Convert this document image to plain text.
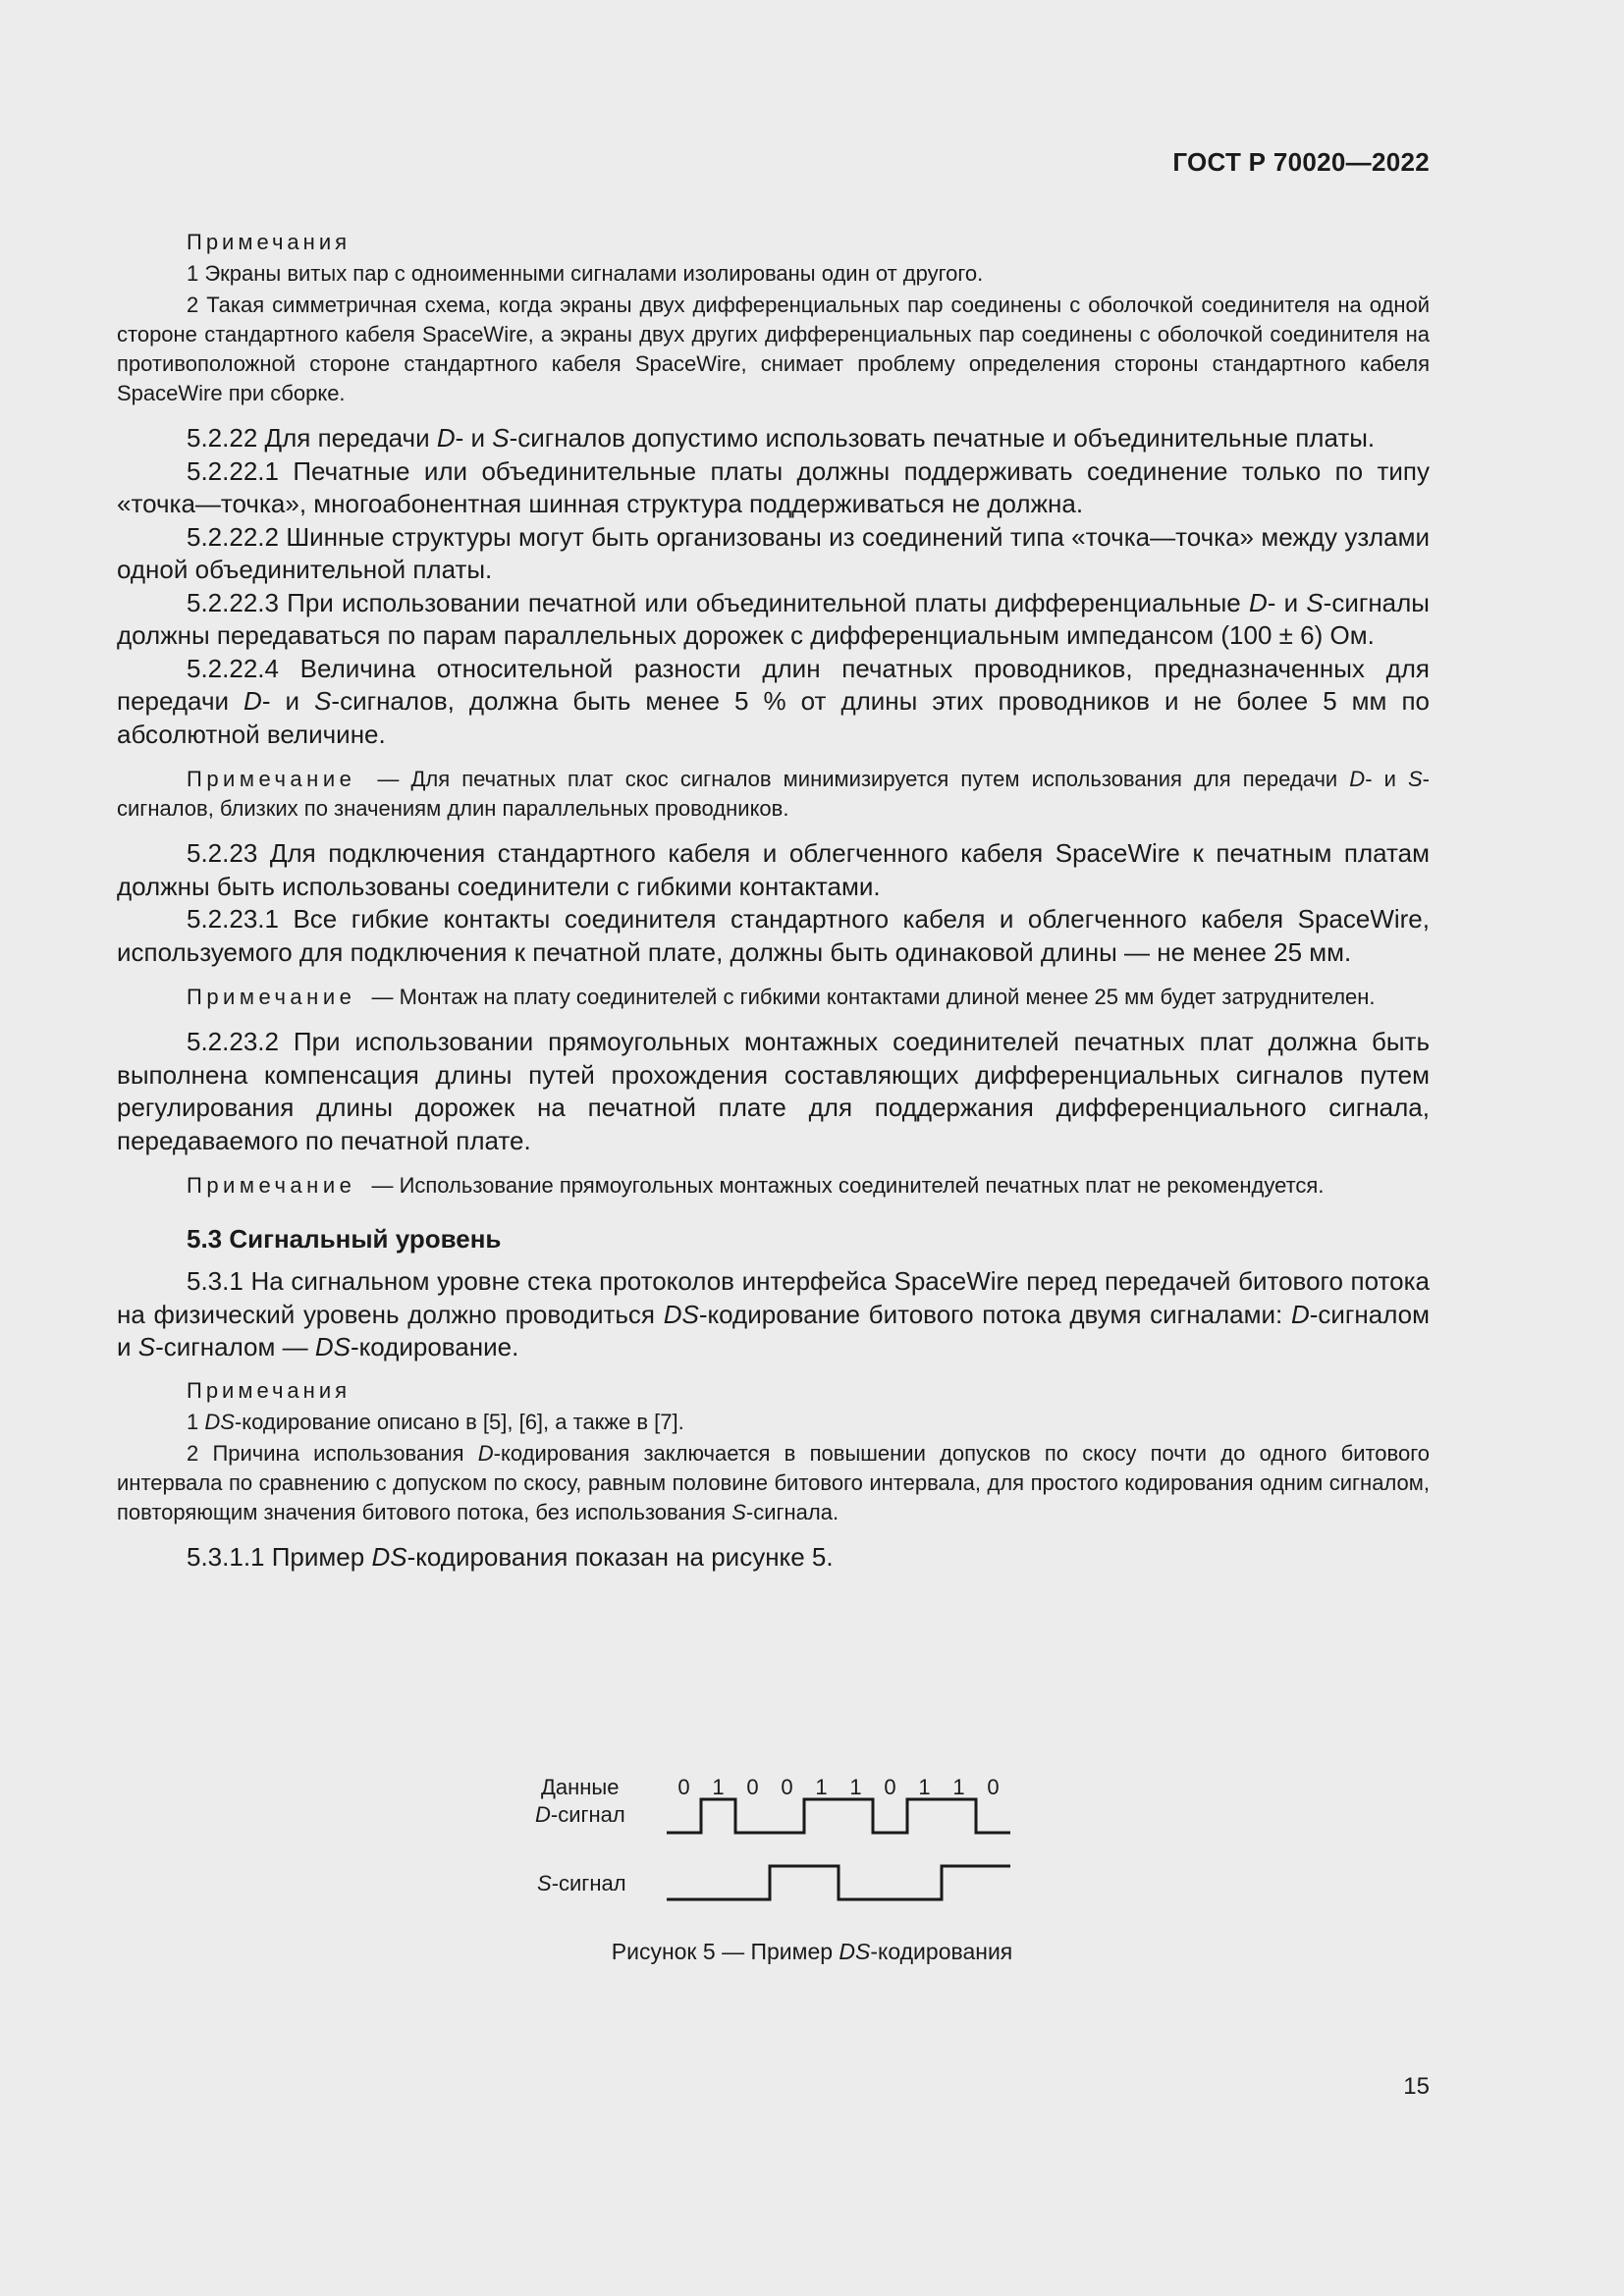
ГОСТ Р 70020—2022

Примечания

1 Экраны витых пар с одноименными сигналами изолированы один от другого.

2 Такая симметричная схема, когда экраны двух дифференциальных пар соединены с оболочкой соединителя на одной стороне стандартного кабеля SpaceWire, а экраны двух других дифференциальных пар соединены с оболочкой соединителя на противоположной стороне стандартного кабеля SpaceWire, снимает проблему определения стороны стандартного кабеля SpaceWire при сборке.

5.2.22 Для передачи D- и S-сигналов допустимо использовать печатные и объединительные платы.

5.2.22.1 Печатные или объединительные платы должны поддерживать соединение только по типу «точка—точка», многоабонентная шинная структура поддерживаться не должна.

5.2.22.2 Шинные структуры могут быть организованы из соединений типа «точка—точка» между узлами одной объединительной платы.

5.2.22.3 При использовании печатной или объединительной платы дифференциальные D- и S-сигналы должны передаваться по парам параллельных дорожек с дифференциальным импедансом (100 ± 6) Ом.

5.2.22.4 Величина относительной разности длин печатных проводников, предназначенных для передачи D- и S-сигналов, должна быть менее 5 % от длины этих проводников и не более 5 мм по абсолютной величине.

Примечание — Для печатных плат скос сигналов минимизируется путем использования для передачи D- и S-сигналов, близких по значениям длин параллельных проводников.

5.2.23 Для подключения стандартного кабеля и облегченного кабеля SpaceWire к печатным платам должны быть использованы соединители с гибкими контактами.

5.2.23.1 Все гибкие контакты соединителя стандартного кабеля и облегченного кабеля SpaceWire, используемого для подключения к печатной плате, должны быть одинаковой длины — не менее 25 мм.

Примечание — Монтаж на плату соединителей с гибкими контактами длиной менее 25 мм будет затруднителен.

5.2.23.2 При использовании прямоугольных монтажных соединителей печатных плат должна быть выполнена компенсация длины путей прохождения составляющих дифференциальных сигналов путем регулирования длины дорожек на печатной плате для поддержания дифференциального сигнала, передаваемого по печатной плате.

Примечание — Использование прямоугольных монтажных соединителей печатных плат не рекомендуется.

5.3 Сигнальный уровень

5.3.1 На сигнальном уровне стека протоколов интерфейса SpaceWire перед передачей битового потока на физический уровень должно проводиться DS-кодирование битового потока двумя сигналами: D-сигналом и S-сигналом — DS-кодирование.

Примечания

1 DS-кодирование описано в [5], [6], а также в [7].

2 Причина использования D-кодирования заключается в повышении допусков по скосу почти до одного битового интервала по сравнению с допуском по скосу, равным половине битового интервала, для простого кодирования одним сигналом, повторяющим значения битового потока, без использования S-сигнала.

5.3.1.1 Пример DS-кодирования показан на рисунке 5.

Данные
D-сигнал
S-сигнал
0 1 0 0 1 1 0 1 1 0
Рисунок 5 — Пример DS-кодирования
15
